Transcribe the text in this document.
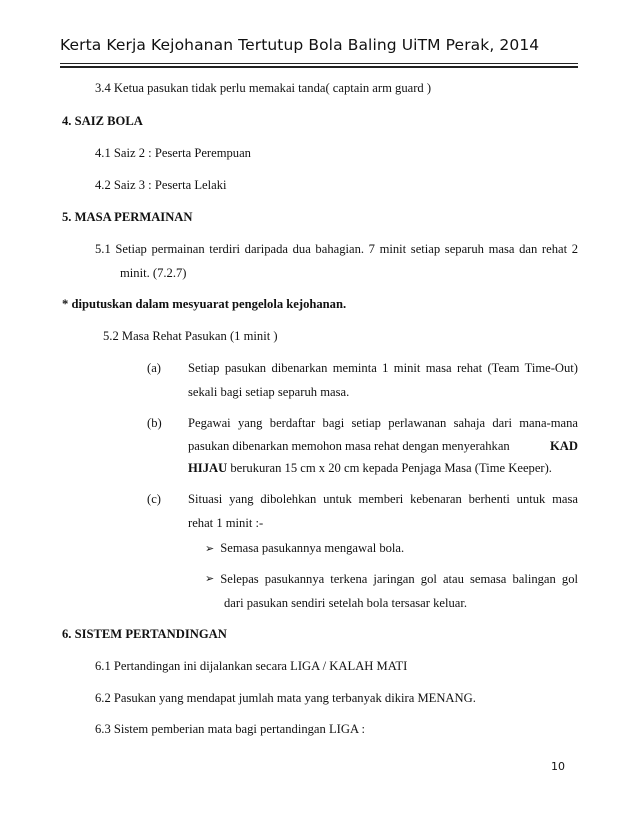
Kerta Kerja Kejohanan Tertutup Bola Baling UiTM Perak, 2014
3.4 Ketua pasukan tidak perlu memakai tanda( captain arm guard )
4. SAIZ BOLA
4.1 Saiz 2 : Peserta Perempuan
4.2 Saiz 3 : Peserta Lelaki
5. MASA PERMAINAN
5.1 Setiap permainan terdiri daripada dua bahagian. 7 minit setiap separuh masa dan rehat 2
minit. (7.2.7)
* diputuskan dalam mesyuarat pengelola kejohanan.
5.2 Masa Rehat Pasukan (1 minit )
(a) Setiap pasukan dibenarkan meminta 1 minit masa rehat (Team Time-Out)
sekali bagi setiap separuh masa.
(b) Pegawai yang berdaftar bagi setiap perlawanan sahaja dari mana-mana
pasukan dibenarkan memohon masa rehat dengan menyerahkan	KAD
HIJAU berukuran 15 cm x 20 cm kepada Penjaga Masa (Time Keeper).
(c) Situasi yang dibolehkan untuk memberi kebenaran berhenti untuk masa
rehat 1 minit :-
➢ Semasa pasukannya mengawal bola.
➢ Selepas pasukannya terkena jaringan gol atau semasa balingan gol
dari pasukan sendiri setelah bola tersasar keluar.
6. SISTEM PERTANDINGAN
6.1 Pertandingan ini dijalankan secara LIGA / KALAH MATI
6.2 Pasukan yang mendapat jumlah mata yang terbanyak dikira MENANG.
6.3 Sistem pemberian mata bagi pertandingan LIGA :
10
